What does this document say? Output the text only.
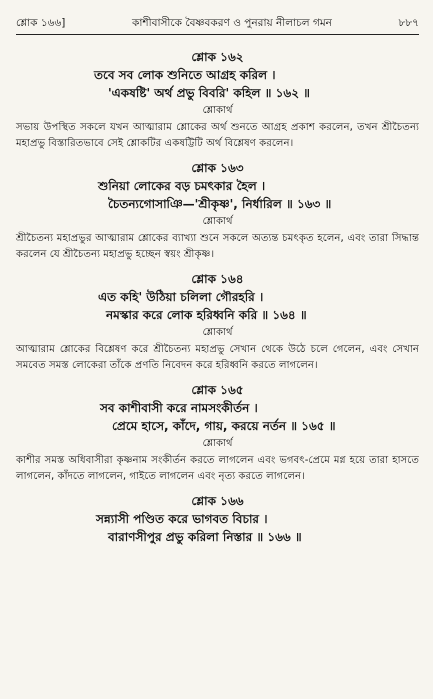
শ্লোক ১৬৬]	কাশীবাসীকে বৈষ্ণবকরণ ও পুনরায় নীলাচল গমন	৮৮৭
শ্লোক ১৬২
তবে সব লোক শুনিতে আগ্রহ করিল ।
'একষষ্টি' অর্থ প্রভু বিবরি' কহিল ॥ ১৬২ ॥
শ্লোকার্থ

সভায় উপস্থিত সকলে যখন আত্মারাম শ্লোকের অর্থ শুনতে আগ্রহ প্রকাশ করলেন, তখন শ্রীচৈতন্য মহাপ্রভু বিস্তারিতভাবে সেই শ্লোকটির একষট্টিটি অর্থ বিশ্লেষণ করলেন।

শ্লোক ১৬৩
শুনিয়া লোকের বড় চমৎকার হৈল ।
চৈতন্যগোসাঞি—'শ্রীকৃষ্ণ', নির্ধারিল ॥ ১৬৩ ॥
শ্লোকার্থ

শ্রীচৈতন্য মহাপ্রভুর আত্মারাম শ্লোকের ব্যাখ্যা শুনে সকলে অত্যন্ত চমৎকৃত হলেন, এবং তারা সিদ্ধান্ত করলেন যে শ্রীচৈতন্য মহাপ্রভু হচ্ছেন স্বয়ং শ্রীকৃষ্ণ।

শ্লোক ১৬৪
এত কহি' উঠিয়া চলিলা গৌরহরি ।
নমস্কার করে লোক হরিধ্বনি করি ॥ ১৬৪ ॥
শ্লোকার্থ

আত্মারাম শ্লোকের বিশ্লেষণ করে শ্রীচৈতন্য মহাপ্রভু সেখান থেকে উঠে চলে গেলেন, এবং সেখান সমবেত সমস্ত লোকেরা তাঁকে প্রণতি নিবেদন করে হরিধ্বনি করতে লাগলেন।

শ্লোক ১৬৫
সব কাশীবাসী করে নামসংকীর্তন ।
প্রেমে হাসে, কাঁদে, গায়, করয়ে নর্তন ॥ ১৬৫ ॥
শ্লোকার্থ

কাশীর সমস্ত অধিবাসীরা কৃষ্ণনাম সংকীর্তন করতে লাগলেন এবং ভগবৎ-প্রেমে মগ্ন হয়ে তারা হাসতে লাগলেন, কাঁদতে লাগলেন, গাইতে লাগলেন এবং নৃত্য করতে লাগলেন।

শ্লোক ১৬৬
সন্ন্যাসী পণ্ডিত করে ভাগবত বিচার ।
বারাণসীপুর প্রভু করিলা নিস্তার ॥ ১৬৬ ॥
